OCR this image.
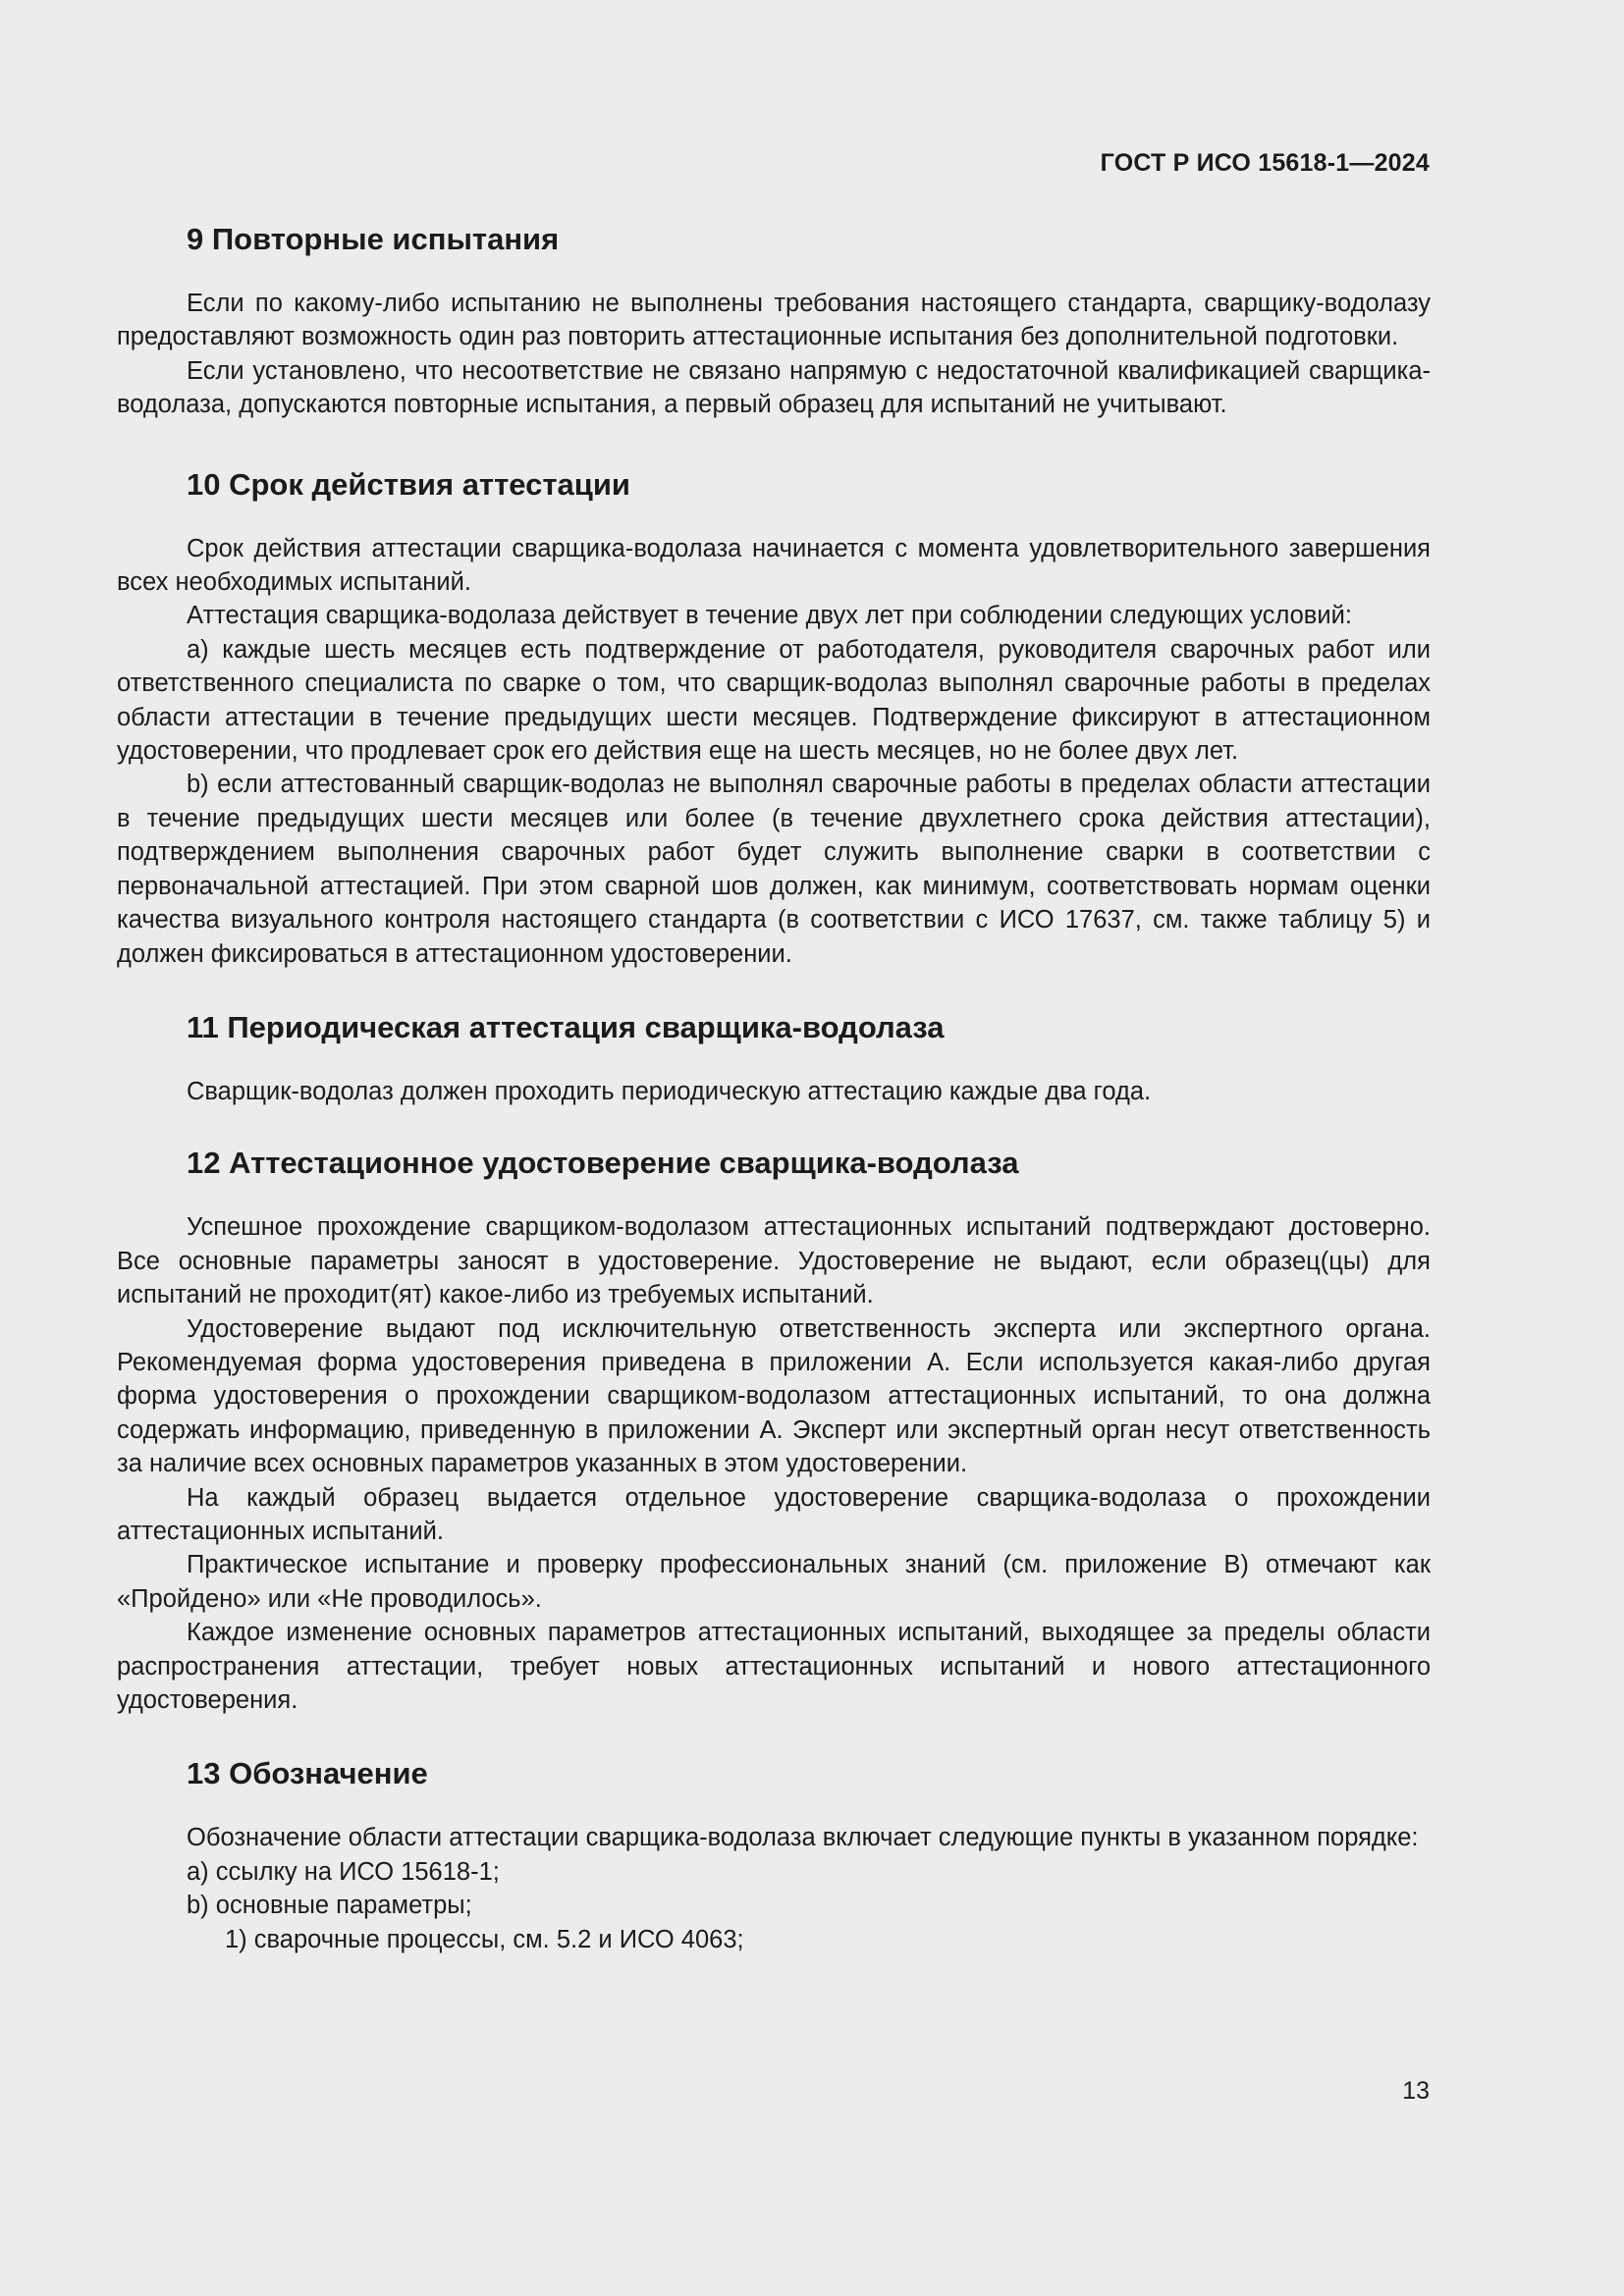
ГОСТ Р ИСО 15618-1—2024
9 Повторные испытания

Если по какому-либо испытанию не выполнены требования настоящего стандарта, сварщику-водолазу предоставляют возможность один раз повторить аттестационные испытания без дополнительной подготовки.

Если установлено, что несоответствие не связано напрямую с недостаточной квалификацией сварщика-водолаза, допускаются повторные испытания, а первый образец для испытаний не учитывают.

10 Срок действия аттестации

Срок действия аттестации сварщика-водолаза начинается с момента удовлетворительного завершения всех необходимых испытаний.

Аттестация сварщика-водолаза действует в течение двух лет при соблюдении следующих условий:

a) каждые шесть месяцев есть подтверждение от работодателя, руководителя сварочных работ или ответственного специалиста по сварке о том, что сварщик-водолаз выполнял сварочные работы в пределах области аттестации в течение предыдущих шести месяцев. Подтверждение фиксируют в аттестационном удостоверении, что продлевает срок его действия еще на шесть месяцев, но не более двух лет.

b) если аттестованный сварщик-водолаз не выполнял сварочные работы в пределах области аттестации в течение предыдущих шести месяцев или более (в течение двухлетнего срока действия аттестации), подтверждением выполнения сварочных работ будет служить выполнение сварки в соответствии с первоначальной аттестацией. При этом сварной шов должен, как минимум, соответствовать нормам оценки качества визуального контроля настоящего стандарта (в соответствии с ИСО 17637, см. также таблицу 5) и должен фиксироваться в аттестационном удостоверении.

11 Периодическая аттестация сварщика-водолаза

Сварщик-водолаз должен проходить периодическую аттестацию каждые два года.

12 Аттестационное удостоверение сварщика-водолаза

Успешное прохождение сварщиком-водолазом аттестационных испытаний подтверждают достоверно. Все основные параметры заносят в удостоверение. Удостоверение не выдают, если образец(цы) для испытаний не проходит(ят) какое-либо из требуемых испытаний.

Удостоверение выдают под исключительную ответственность эксперта или экспертного органа. Рекомендуемая форма удостоверения приведена в приложении А. Если используется какая-либо другая форма удостоверения о прохождении сварщиком-водолазом аттестационных испытаний, то она должна содержать информацию, приведенную в приложении А. Эксперт или экспертный орган несут ответственность за наличие всех основных параметров указанных в этом удостоверении.

На каждый образец выдается отдельное удостоверение сварщика-водолаза о прохождении аттестационных испытаний.

Практическое испытание и проверку профессиональных знаний (см. приложение В) отмечают как «Пройдено» или «Не проводилось».

Каждое изменение основных параметров аттестационных испытаний, выходящее за пределы области распространения аттестации, требует новых аттестационных испытаний и нового аттестационного удостоверения.

13 Обозначение

Обозначение области аттестации сварщика-водолаза включает следующие пункты в указанном порядке:

a) ссылку на ИСО 15618-1;

b) основные параметры;

1) сварочные процессы, см. 5.2 и ИСО 4063;

13
